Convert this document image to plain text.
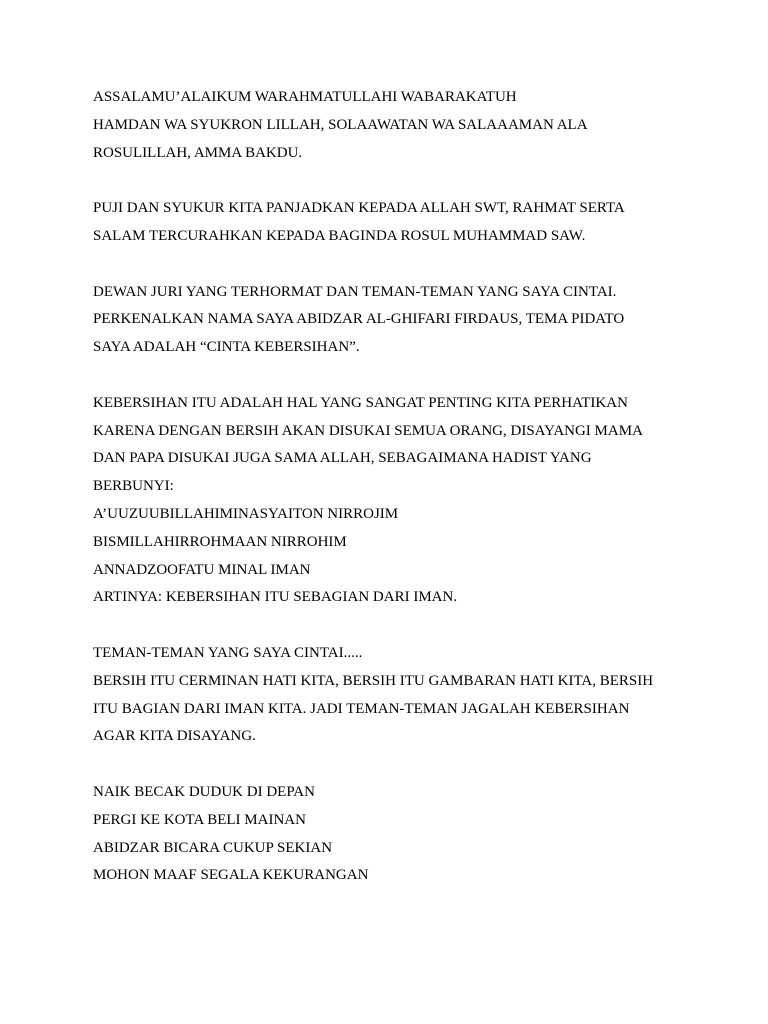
ASSALAMU’ALAIKUM WARAHMATULLAHI WABARAKATUH
HAMDAN WA SYUKRON LILLAH, SOLAAWATAN WA SALAAAMAN ALA
ROSULILLAH, AMMA BAKDU.
PUJI DAN SYUKUR KITA PANJADKAN KEPADA ALLAH SWT, RAHMAT SERTA
SALAM TERCURAHKAN KEPADA BAGINDA ROSUL MUHAMMAD SAW.
DEWAN JURI YANG TERHORMAT DAN TEMAN-TEMAN YANG SAYA CINTAI.
PERKENALKAN NAMA SAYA ABIDZAR AL-GHIFARI FIRDAUS, TEMA PIDATO
SAYA ADALAH “CINTA KEBERSIHAN”.
KEBERSIHAN ITU ADALAH HAL YANG SANGAT PENTING KITA PERHATIKAN
KARENA DENGAN BERSIH AKAN DISUKAI SEMUA ORANG, DISAYANGI MAMA
DAN PAPA DISUKAI JUGA SAMA ALLAH, SEBAGAIMANA HADIST YANG
BERBUNYI:
A’UUZUUBILLAHIMINASYAITON NIRROJIM
BISMILLAHIRROHMAAN NIRROHIM
ANNADZOOFATU MINAL IMAN
ARTINYA: KEBERSIHAN ITU SEBAGIAN DARI IMAN.
TEMAN-TEMAN YANG SAYA CINTAI.....
BERSIH ITU CERMINAN HATI KITA, BERSIH ITU GAMBARAN HATI KITA, BERSIH
ITU BAGIAN DARI IMAN KITA. JADI TEMAN-TEMAN JAGALAH KEBERSIHAN
AGAR KITA DISAYANG.
NAIK BECAK DUDUK DI DEPAN
PERGI KE KOTA BELI MAINAN
ABIDZAR BICARA CUKUP SEKIAN
MOHON MAAF SEGALA KEKURANGAN
